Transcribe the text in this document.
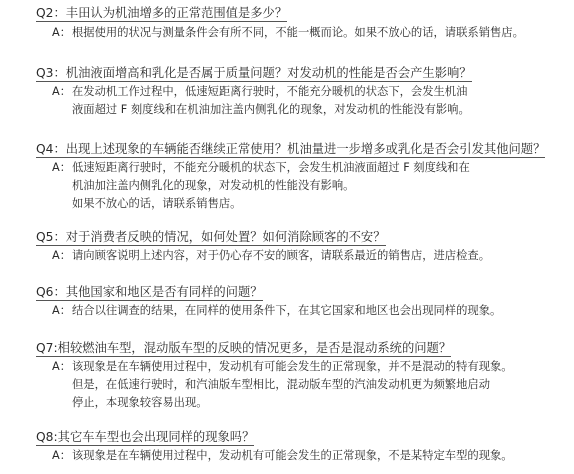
Q2：丰田认为机油增多的正常范围值是多少？
A： 根据使用的状况与测量条件会有所不同，不能一概而论。如果不放心的话，请联系销售店。
Q3：机油液面增高和乳化是否属于质量问题？对发动机的性能是否会产生影响？
A： 在发动机工作过程中，低速短距离行驶时，不能充分暖机的状态下，会发生机油
液面超过 F 刻度线和在机油加注盖内侧乳化的现象，对发动机的性能没有影响。
Q4：出现上述现象的车辆能否继续正常使用？机油量进一步增多或乳化是否会引发其他问题？
A： 低速短距离行驶时，不能充分暖机的状态下，会发生机油液面超过 F 刻度线和在
机油加注盖内侧乳化的现象，对发动机的性能没有影响。
如果不放心的话，请联系销售店。
Q5：对于消费者反映的情况，如何处置？如何消除顾客的不安？
A： 请向顾客说明上述内容，对于仍心存不安的顾客，请联系最近的销售店，进店检查。
Q6：其他国家和地区是否有同样的问题？
A： 结合以往调查的结果，在同样的使用条件下，在其它国家和地区也会出现同样的现象。
Q7:相较燃油车型，混动版车型的反映的情况更多，是否是混动系统的问题？
A： 该现象是在车辆使用过程中，发动机有可能会发生的正常现象，并不是混动的特有现象。
但是，在低速行驶时，和汽油版车型相比，混动版车型的汽油发动机更为频繁地启动
停止，本现象较容易出现。
Q8:其它车车型也会出现同样的现象吗？
A： 该现象是在车辆使用过程中，发动机有可能会发生的正常现象，不是某特定车型的现象。
